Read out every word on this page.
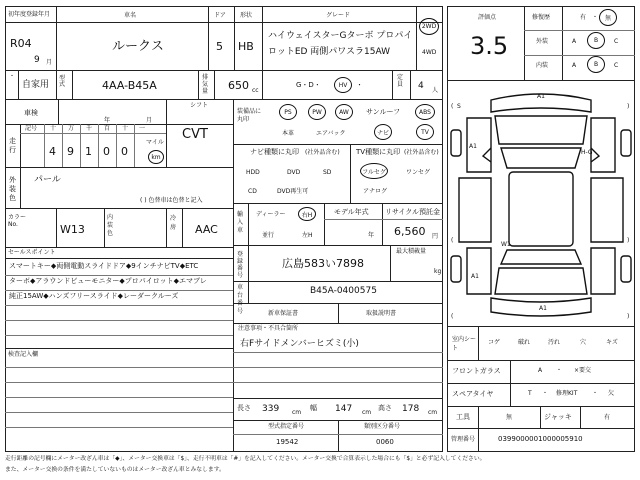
初年度登録年月
R04
9 月
車名
ルークス
ドア
5
形状
HB
グレード
ハイウェイスターGターボ プロパイ
ロットED 両側パワスラ15AW
2WD
4WD
・
自家用
型式	4AA-B45A
排気量	650 cc
G・D・	HV ・
定員	4 人
車検
年	月
シフト
CVT
走行
記号 十 万 千 百 十 一
4 9 1 0 0
マイル
km
外装色
パール
( ) 色替車は色替と記入
カラー No.	W13
内装色
冷房	AAC
装備品に丸印
PS	PW	AW サンルーフ	ABS
本革	エアバック	ナビ	TV
ナビ種類に丸印 (社外品含む)
HDD	DVD	SD
CD	DVD再生可
TV種類に丸印 (社外品含む)
フルセグ	ワンセグ
アナログ
輸入車
ディーラー	右H
並行	左H
モデル年式
年
リサイクル預託金
6,560 円
セールスポイント
スマートキー◆両側電動スライドドア◆9インチナビTV◆ETC
ターボ◆アラウンドビューモニター◆プロパイロット◆エマブレ
純正15AW◆ハンズフリースライド◆レーダークルーズ
登録番号
広島583い7898
最大積載量
kg
車台番号
B45A-0400575
新車保証書	取扱説明書
注意事項・不具合箇所
右Fサイドメンバーヒズミ(小)
検査記入欄
長さ 339 cm
幅 147 cm
高さ 178 cm
型式指定番号
19542
類別区分番号
0060
評価点
3.5
修復歴	有 ・ 無
外装	A	B	C
内装	A	B	C
( S	)
(	)
(	)
A1
A1
W1
H-G
A1
A1
室内シート
コゲ	破れ	汚れ	穴	キズ
フロントガラス	A ・ ×要交
スペアタイヤ	T ・ 修理KIT ・ 欠
工具	無	ジャッキ	有
管理番号	0399000001000005910
走行距離の記号欄にメーター改ざん車は「◆」、メーター交換車は「$」、走行不明車は「#」を記入してください。メーター交換で合算表示した場合にも「$」と必ず記入してください。
また、メーター交換の条件を満たしていないものはメーター改ざん車とみなします。
